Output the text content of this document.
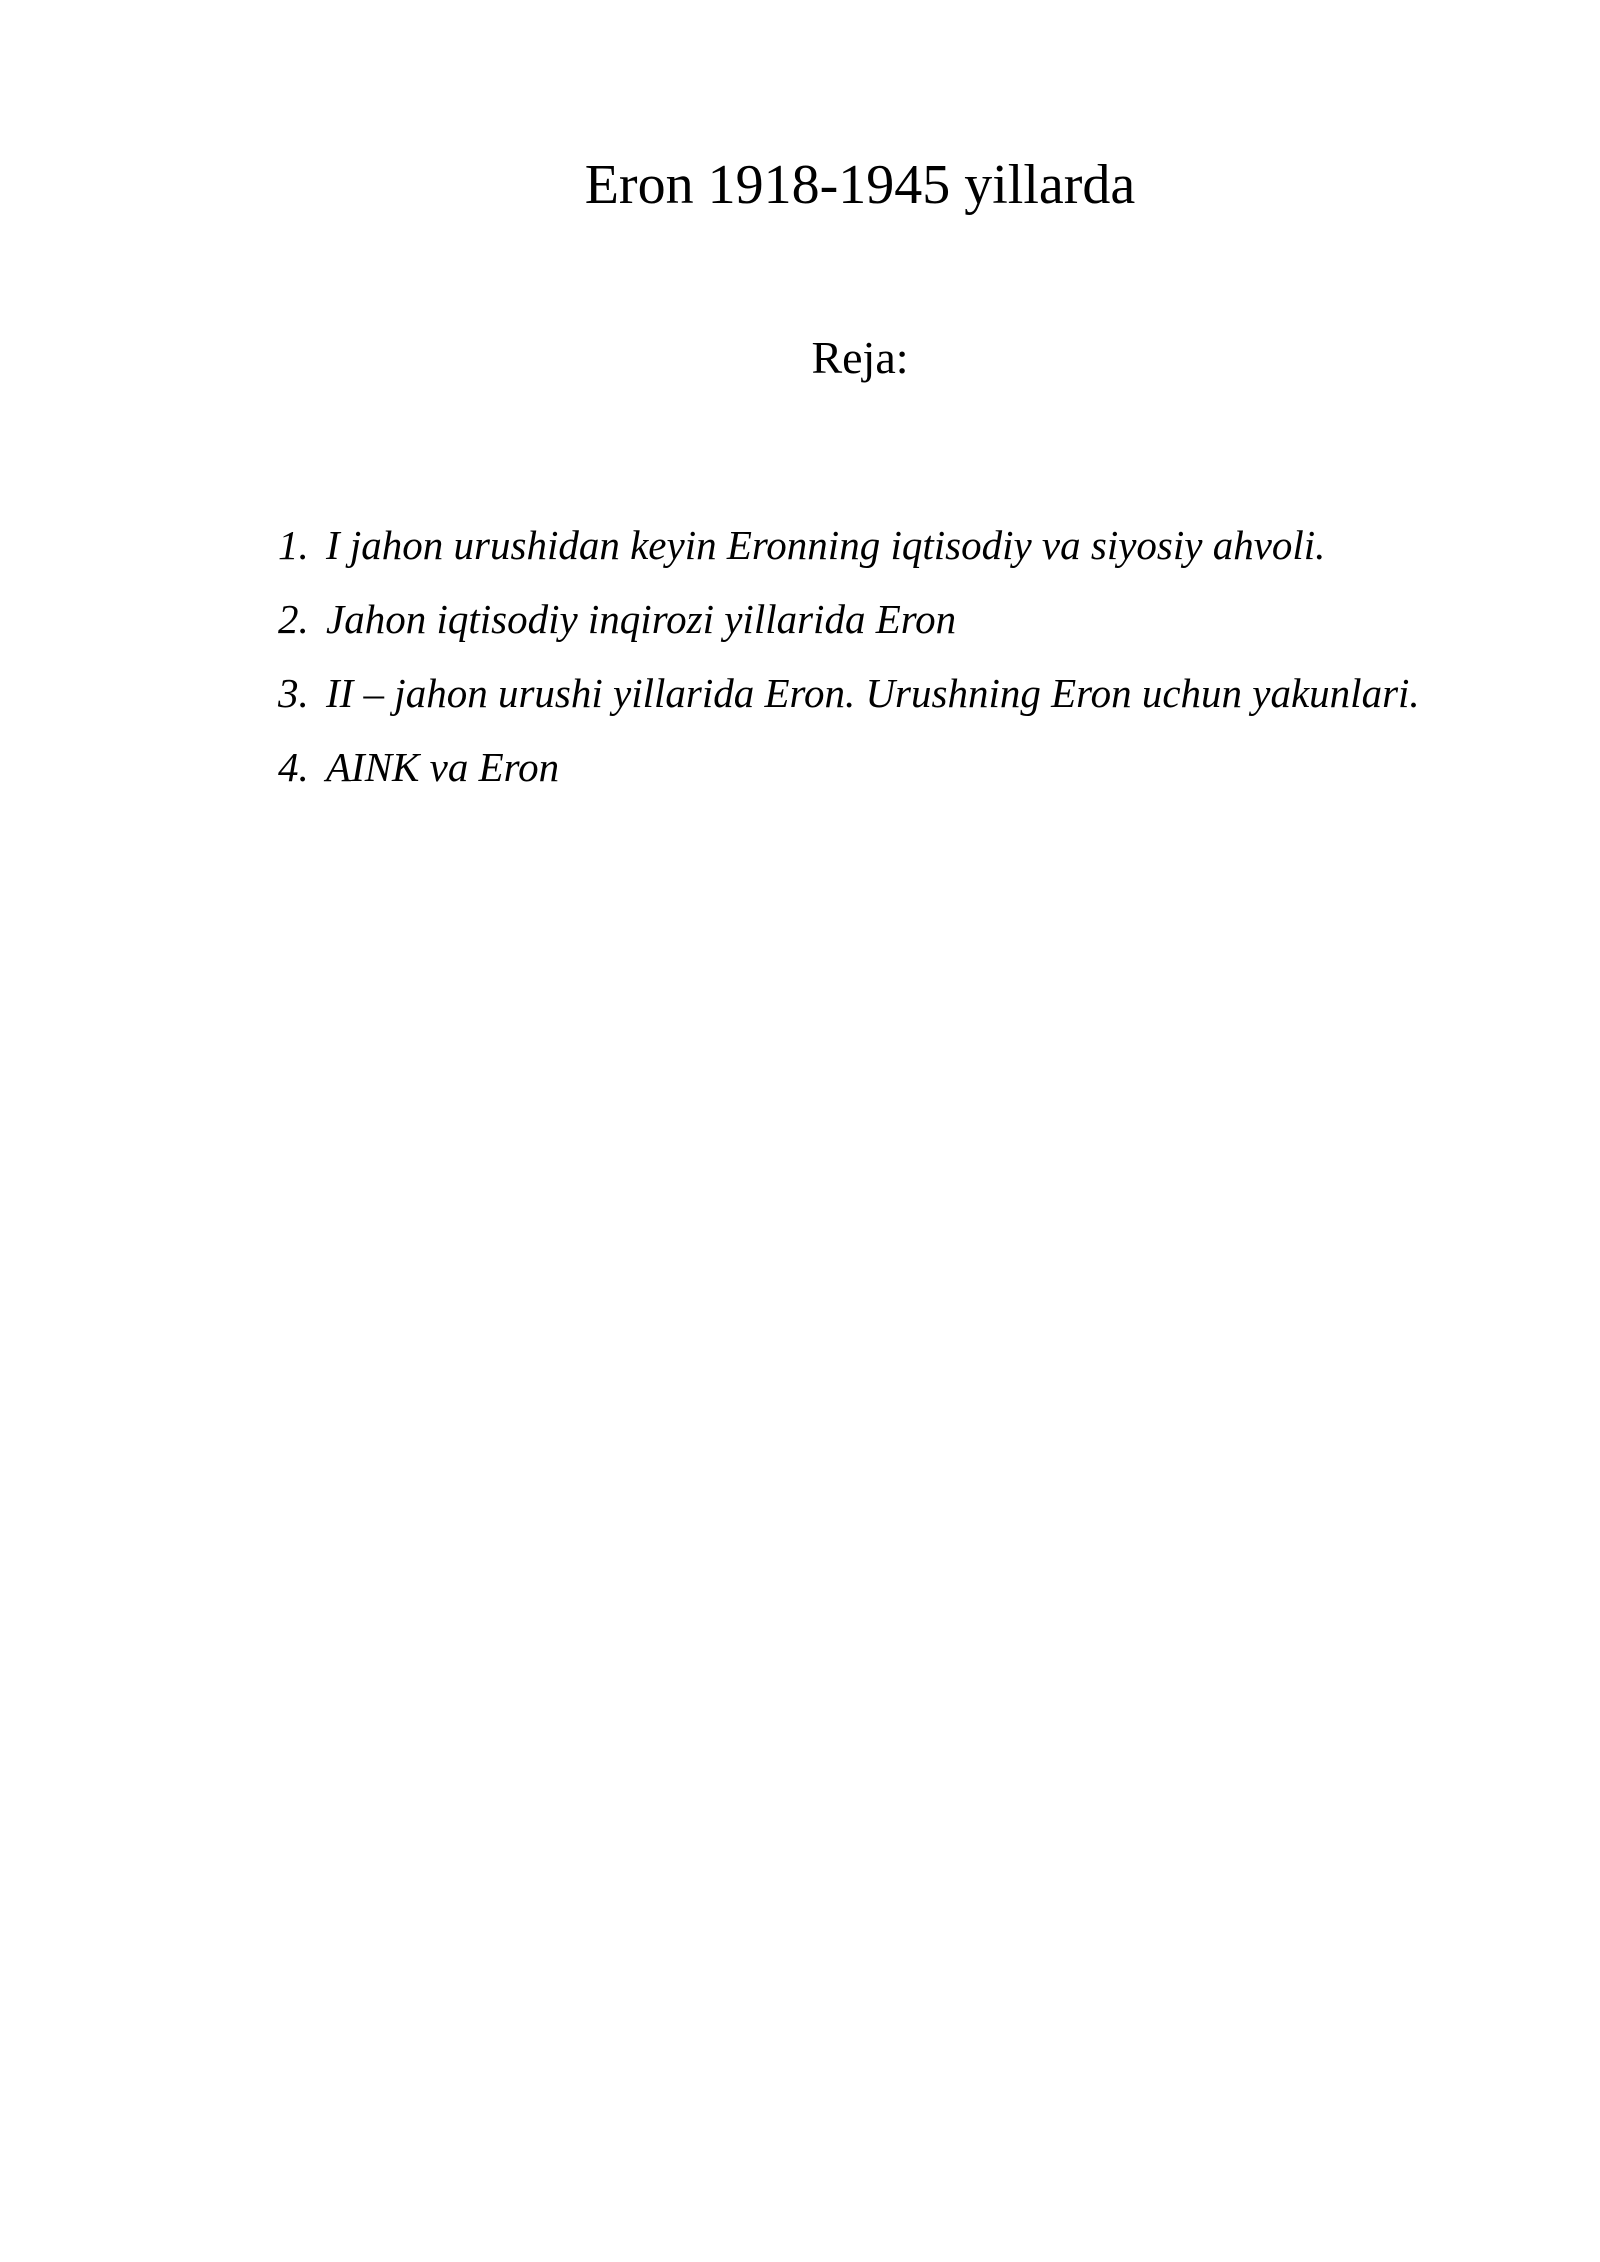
Eron 1918-1945 yillarda
Reja:
1. I jahon urushidan keyin Eronning iqtisodiy va siyosiy ahvoli.
2. Jahon iqtisodiy inqirozi yillarida Eron
3. II – jahon urushi yillarida Eron. Urushning Eron uchun yakunlari.
4. AINK va Eron
